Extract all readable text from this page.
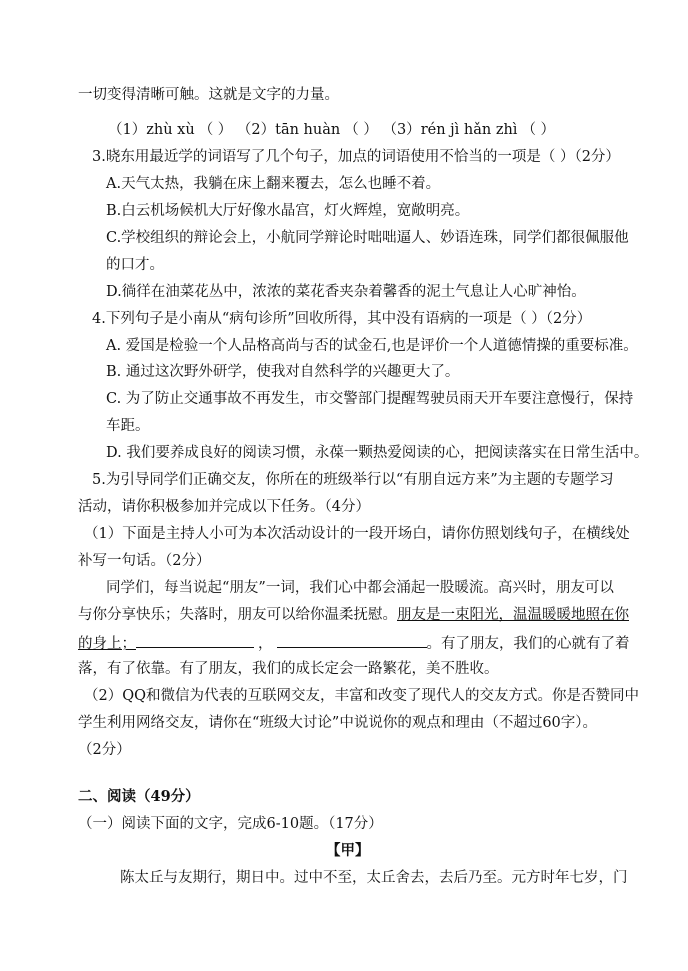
一切变得清晰可触。这就是文字的力量。
（1）zhù xù （ ） （2）tān huàn （ ） （3）rén jì hǎn zhì （ ）
3.晓东用最近学的词语写了几个句子，加点的词语使用不恰当的一项是（ ）（2分）
A.天气太热，我躺在床上翻来覆去，怎么也睡不着。
B.白云机场候机大厅好像水晶宫，灯火辉煌，宽敞明亮。
C.学校组织的辩论会上，小航同学辩论时咄咄逼人、妙语连珠，同学们都很佩服他
的口才。
D.徜徉在油菜花丛中，浓浓的菜花香夹杂着馨香的泥土气息让人心旷神怡。
4.下列句子是小南从“病句诊所”回收所得，其中没有语病的一项是（ ）（2分）
A. 爱国是检验一个人品格高尚与否的试金石,也是评价一个人道德情操的重要标准。
B. 通过这次野外研学，使我对自然科学的兴趣更大了。
C. 为了防止交通事故不再发生，市交警部门提醒驾驶员雨天开车要注意慢行，保持
车距。
D. 我们要养成良好的阅读习惯，永葆一颗热爱阅读的心，把阅读落实在日常生活中。
5.为引导同学们正确交友，你所在的班级举行以“有朋自远方来”为主题的专题学习
活动，请你积极参加并完成以下任务。（4分）
（1）下面是主持人小可为本次活动设计的一段开场白，请你仿照划线句子，在横线处
补写一句话。（2分）
同学们，每当说起“朋友”一词，我们心中都会涌起一股暖流。高兴时，朋友可以
与你分享快乐；失落时，朋友可以给你温柔抚慰。朋友是一束阳光，温温暖暖地照在你
的身上；	，	。有了朋友，我们的心就有了着
落，有了依靠。有了朋友，我们的成长定会一路繁花，美不胜收。
（2）QQ和微信为代表的互联网交友，丰富和改变了现代人的交友方式。你是否赞同中
学生利用网络交友，请你在“班级大讨论”中说说你的观点和理由（不超过60字）。
（2分）
二、阅读（49分）
（一）阅读下面的文字，完成6-10题。（17分）
【甲】
陈太丘与友期行，期日中。过中不至，太丘舍去，去后乃至。元方时年七岁，门
